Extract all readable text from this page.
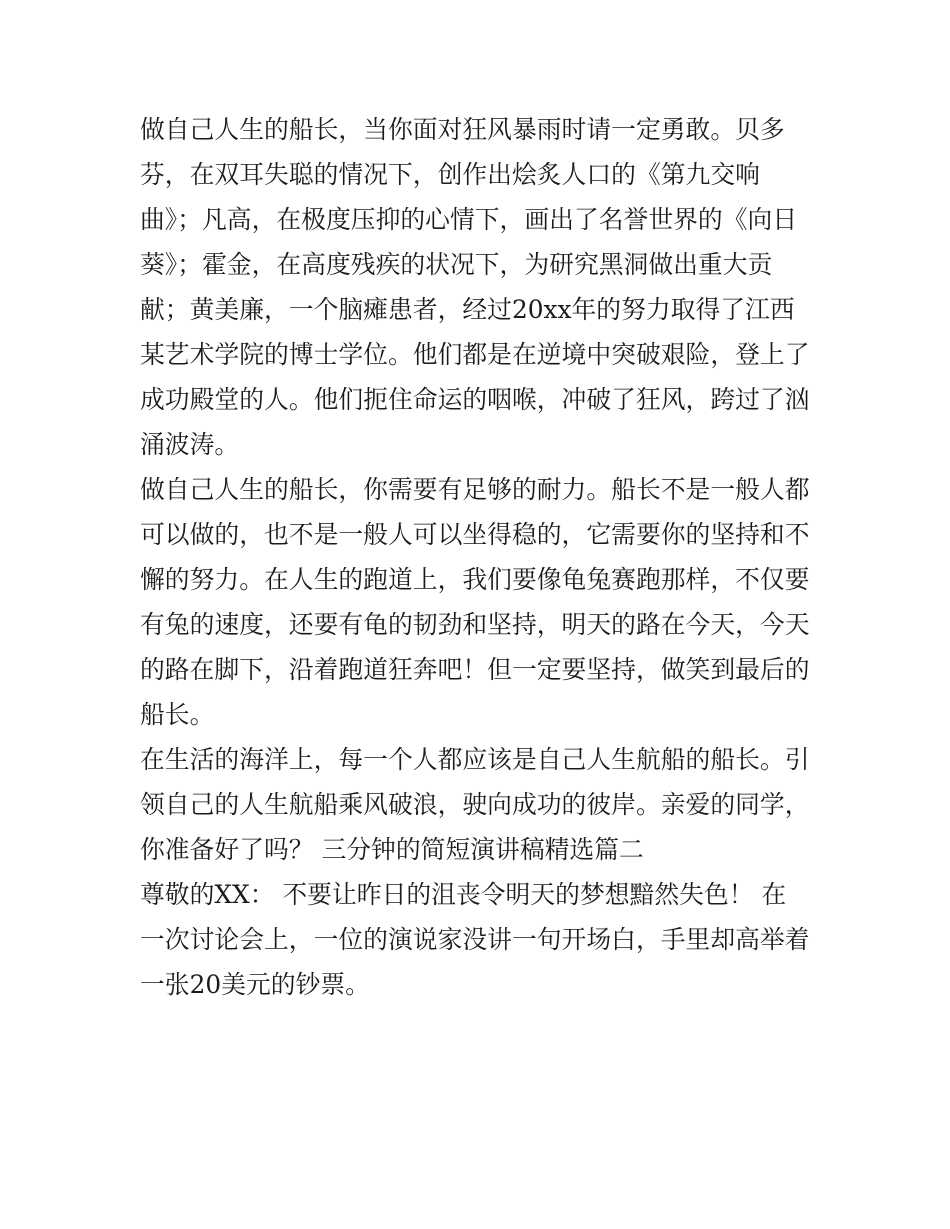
做自己人生的船长，当你面对狂风暴雨时请一定勇敢。贝多芬，在双耳失聪的情况下，创作出烩炙人口的《第九交响曲》；凡高，在极度压抑的心情下，画出了名誉世界的《向日葵》；霍金，在高度残疾的状况下，为研究黑洞做出重大贡献；黄美廉，一个脑瘫患者，经过20xx年的努力取得了江西某艺术学院的博士学位。他们都是在逆境中突破艰险，登上了成功殿堂的人。他们扼住命运的咽喉，冲破了狂风，跨过了汹涌波涛。

做自己人生的船长，你需要有足够的耐力。船长不是一般人都可以做的，也不是一般人可以坐得稳的，它需要你的坚持和不懈的努力。在人生的跑道上，我们要像龟兔赛跑那样，不仅要有兔的速度，还要有龟的韧劲和坚持，明天的路在今天，今天的路在脚下，沿着跑道狂奔吧！但一定要坚持，做笑到最后的船长。

在生活的海洋上，每一个人都应该是自己人生航船的船长。引领自己的人生航船乘风破浪，驶向成功的彼岸。亲爱的同学，你准备好了吗？ 三分钟的简短演讲稿精选篇二

尊敬的XX： 不要让昨日的沮丧令明天的梦想黯然失色！ 在一次讨论会上，一位的演说家没讲一句开场白，手里却高举着一张20美元的钞票。
